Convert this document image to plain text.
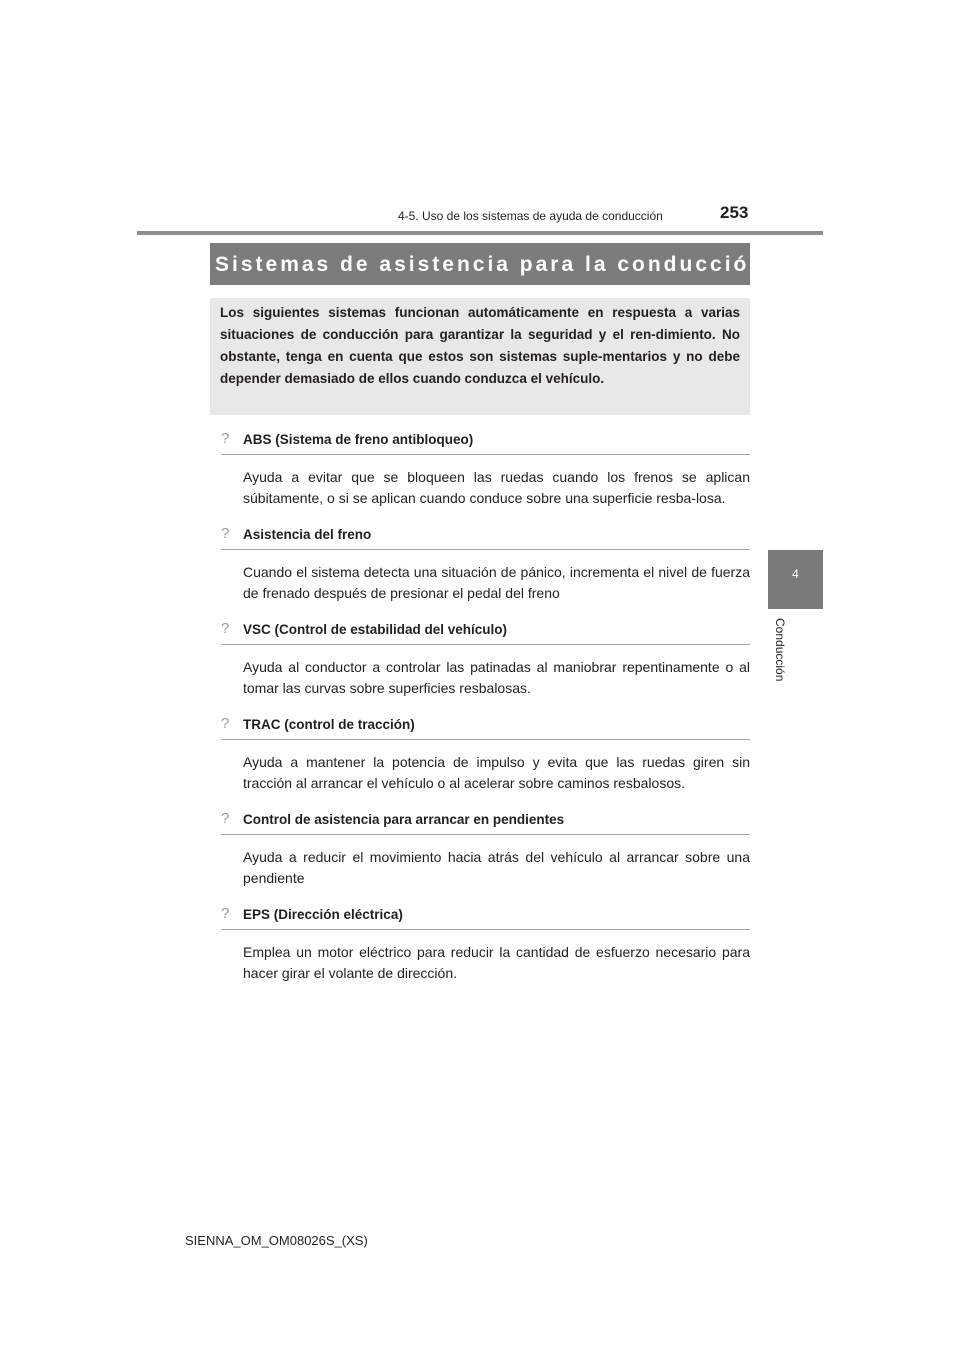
4-5. Uso de los sistemas de ayuda de conducción	253
4
Conducción
Sistemas de asistencia para la conducción

Los siguientes sistemas funcionan automáticamente en respuesta a varias situaciones de conducción para garantizar la seguridad y el ren-dimiento. No obstante, tenga en cuenta que estos son sistemas suple-mentarios y no debe depender demasiado de ellos cuando conduzca el vehículo.

? ABS (Sistema de freno antibloqueo)

Ayuda a evitar que se bloqueen las ruedas cuando los frenos se aplican súbitamente, o si se aplican cuando conduce sobre una superficie resba-losa.

? Asistencia del freno

Cuando el sistema detecta una situación de pánico, incrementa el nivel de fuerza de frenado después de presionar el pedal del freno

? VSC (Control de estabilidad del vehículo)

Ayuda al conductor a controlar las patinadas al maniobrar repentinamente o al tomar las curvas sobre superficies resbalosas.

? TRAC (control de tracción)

Ayuda a mantener la potencia de impulso y evita que las ruedas giren sin tracción al arrancar el vehículo o al acelerar sobre caminos resbalosos.

? Control de asistencia para arrancar en pendientes

Ayuda a reducir el movimiento hacia atrás del vehículo al arrancar sobre una pendiente

? EPS (Dirección eléctrica)

Emplea un motor eléctrico para reducir la cantidad de esfuerzo necesario para hacer girar el volante de dirección.

SIENNA_OM_OM08026S_(XS)
